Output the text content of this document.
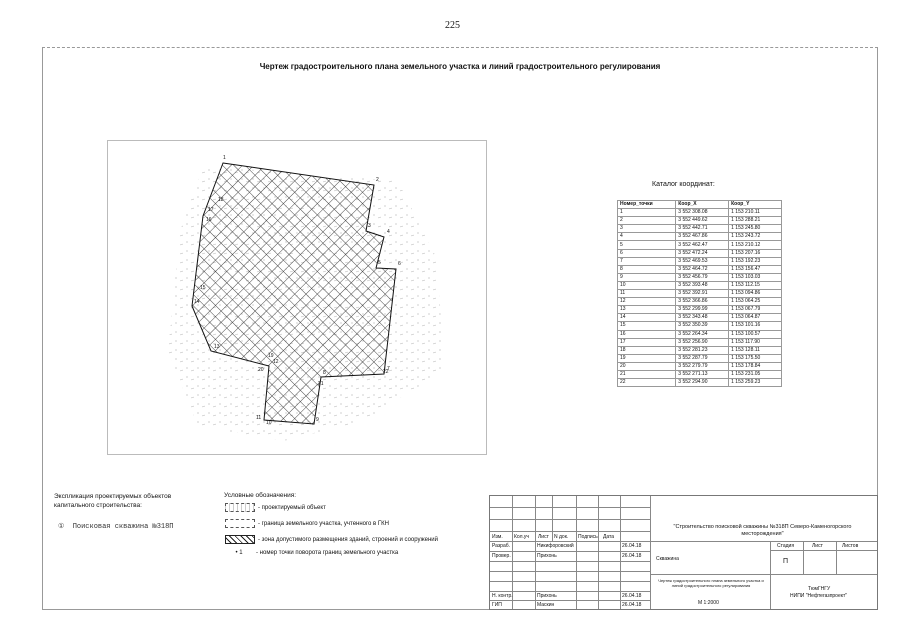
225
Чертеж градостроительного плана земельного участка и линий градостроительного регулирования
1
2
3
4
5	6
7
8
9
10
11
12
13
14
15
16
17
18
19
20
21
22
Каталог координат:
Номер_точки	Коор_X	Коор_Y
1	3 552 308.08	1 153 210.11
2	3 552 449.62	1 153 288.21
3	3 552 442.71	1 153 245.80
4	3 552 467.86	1 153 243.72
5	3 552 462.47	1 153 210.12
6	3 552 472.24	1 153 207.16
7	3 552 469.53	1 153 192.23
8	3 552 464.72	1 153 156.47
9	3 552 456.79	1 153 103.03
10	3 552 393.48	1 153 112.15
11	3 552 392.91	1 153 094.86
12	3 552 366.86	1 153 064.25
13	3 552 299.99	1 153 067.79
14	3 552 343.48	1 153 064.87
15	3 552 350.39	1 153 101.16
16	3 552 264.34	1 153 100.57
17	3 552 256.90	1 153 117.90
18	3 552 281.23	1 153 128.11
19	3 552 287.79	1 153 175.50
20	3 552 279.79	1 153 178.84
21	3 552 271.13	1 153 231.05
22	3 552 294.90	1 153 259.23
Экспликация проектируемых объектов капитального строительства:
① Поисковая скважина №318П
Условные обозначения:
- проектируемый объект
- граница земельного участка, учтенного в ГКН
- зона допустимого размещения зданий, строений и сооружений
• 1 - номер точки поворота границ земельного участка
Изм. Кол.уч Лист N док. Подпись Дата
Разраб.	Никифоровский	26.04.18
Провер.	Прихонь	26.04.18
Н. контр.	Прихонь	26.04.18
ГИП	Маскин	26.04.18
"Строительство поисковой скважины №318П Северо-Каменогорского месторождения"
Скважина
Чертеж градостроительного плана земельного участка и линий градостроительного регулирования
М 1:2000
Стадия	Лист	Листов
П
ТюмГНГУ
НИПИ "Нефтегазпроект"
